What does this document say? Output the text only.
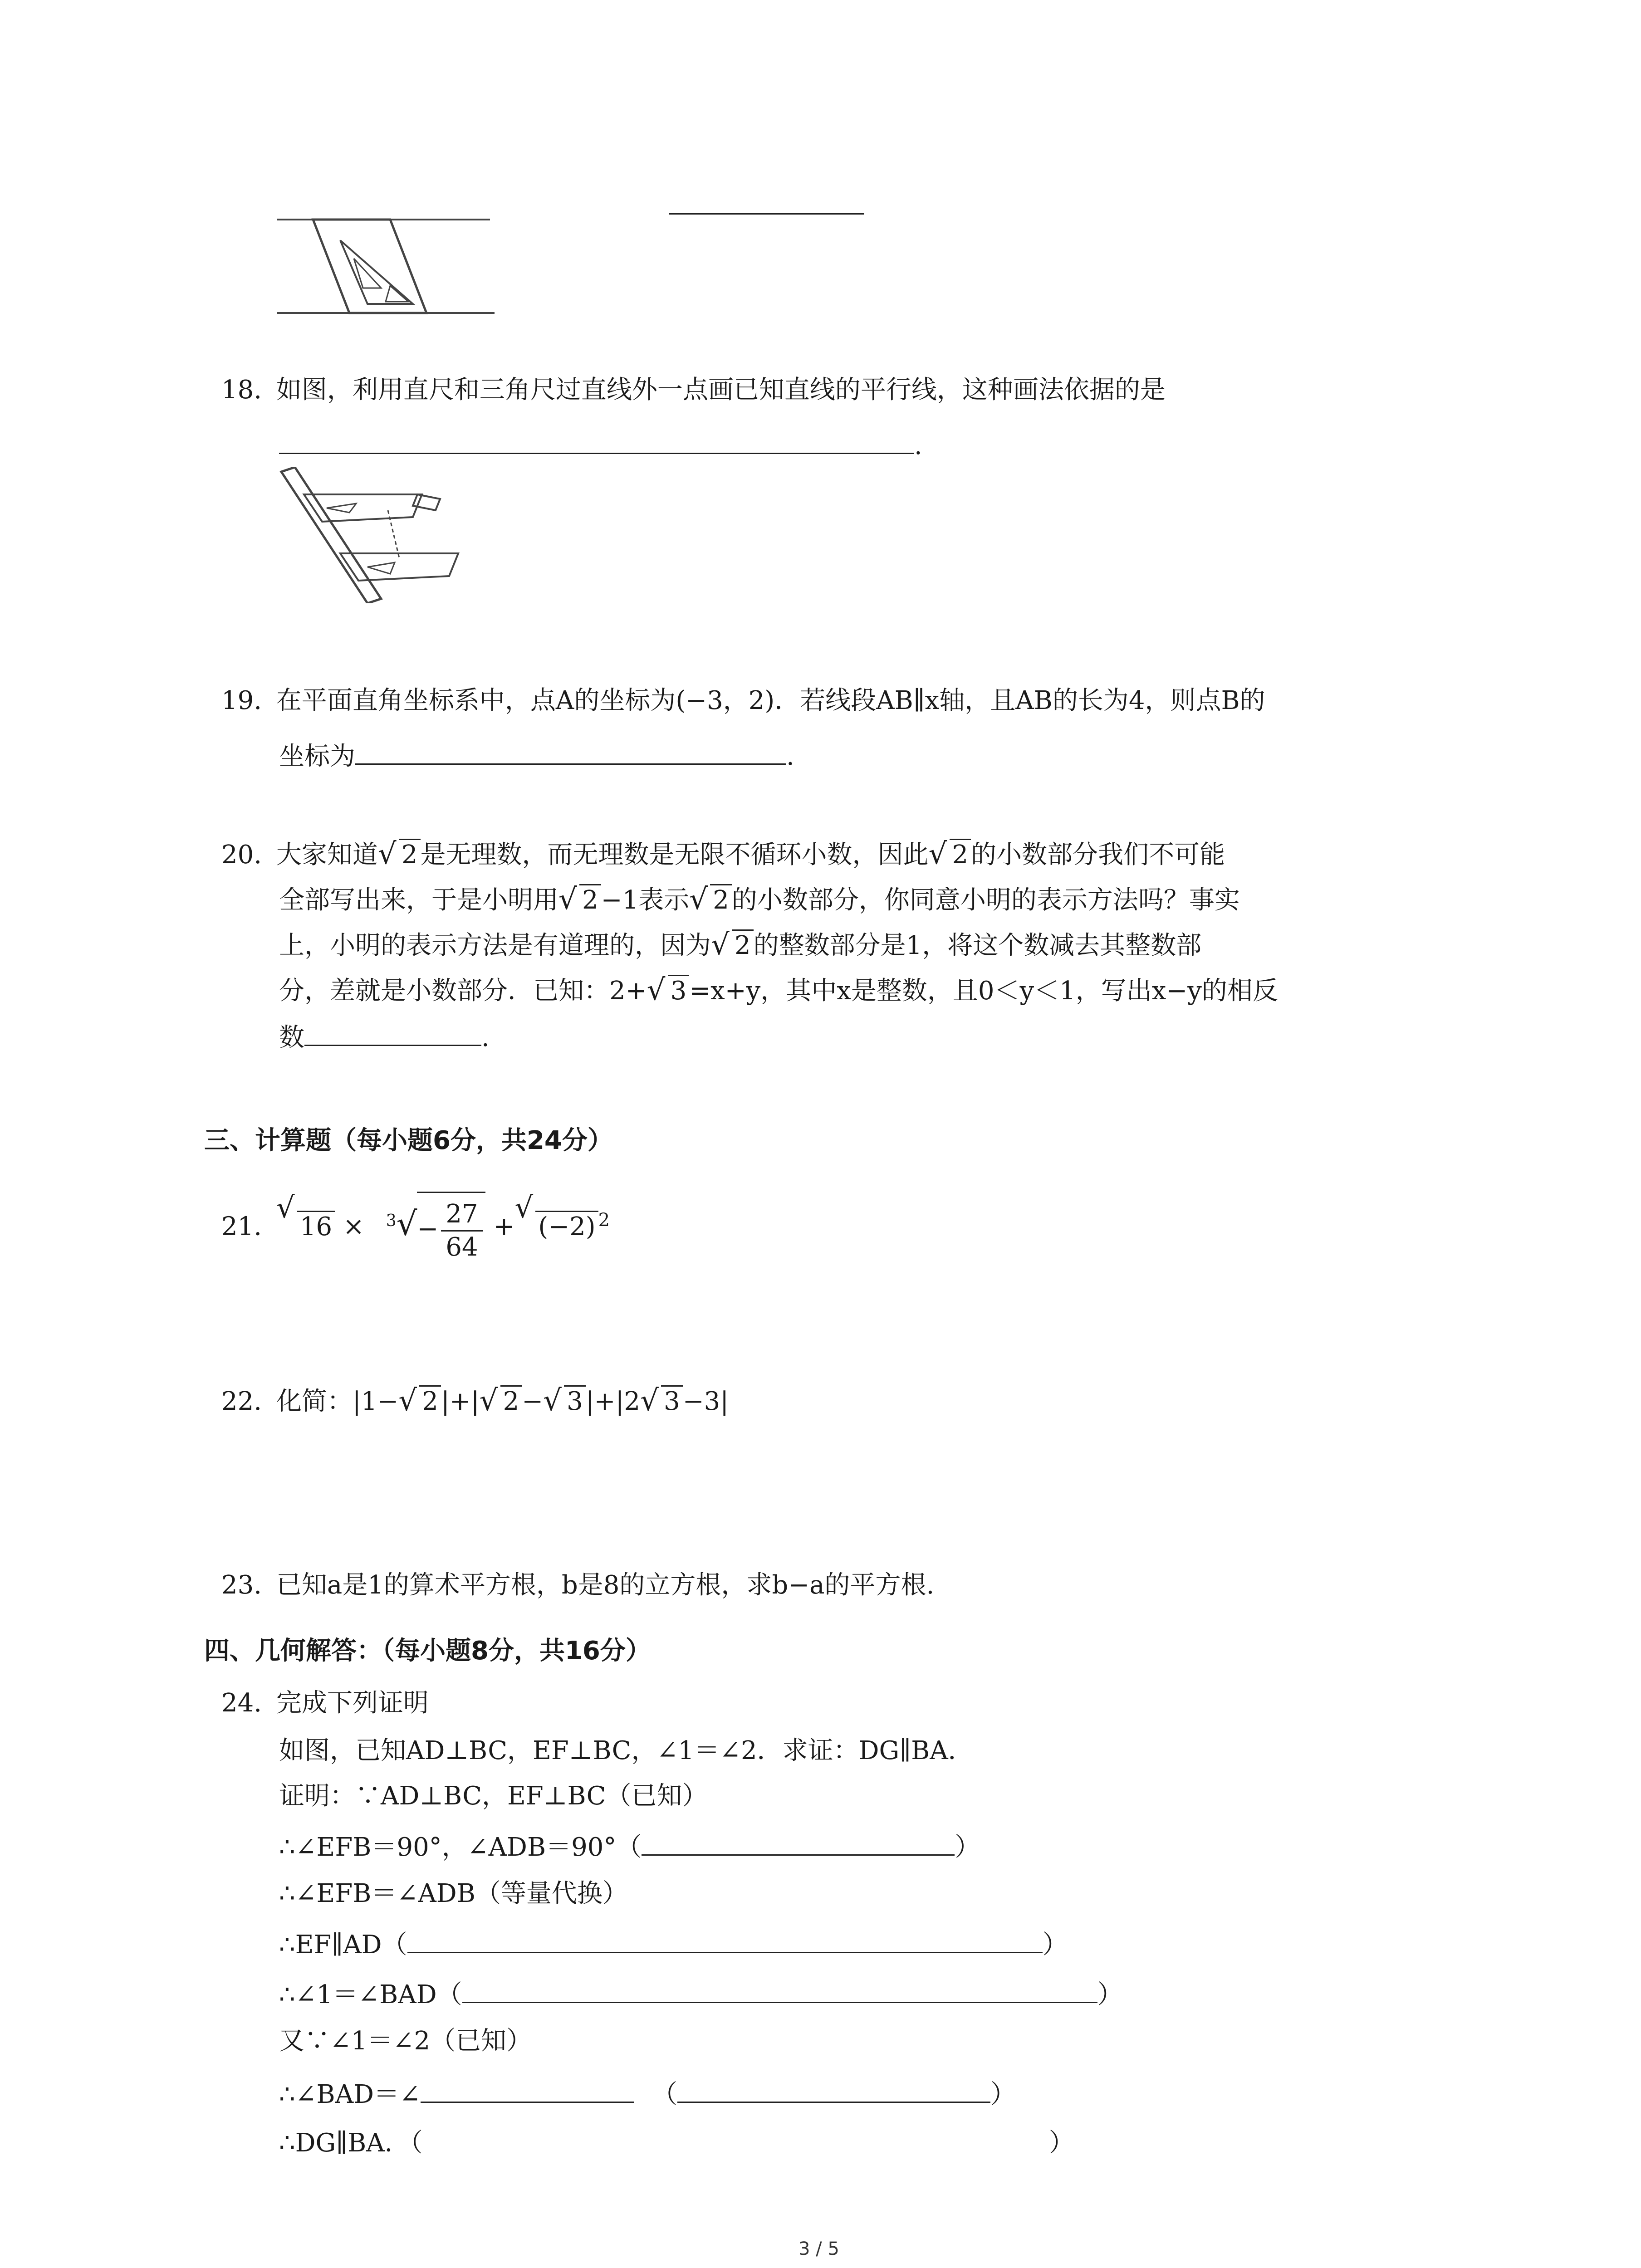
18. 如图，利用直尺和三角尺过直线外一点画已知直线的平行线，这种画法依据的是
.
19. 在平面直角坐标系中，点A的坐标为(−3，2)．若线段AB∥x轴，且AB的长为4，则点B的
坐标为	.
20. 大家知道 √ 2 是无理数，而无理数是无限不循环小数，因此 √ 2 的小数部分我们不可能
全部写出来，于是小明用 √ 2 −1表示 √ 2 的小数部分，你同意小明的表示方法吗？事实
上，小明的表示方法是有道理的，因为 √ 2 的整数部分是1，将这个数减去其整数部
分，差就是小数部分．已知：2+ √ 3 =x+y，其中x是整数，且0＜y＜1，写出x−y的相反
数	.
三、计算题（每小题6分，共24分）
21.
√
$16 \times ^3√- \frac{27}{64}$ +
√
(−2) $^2$
22. 化简：|1− √ 2 |+| √ 2 − √ 3 |+|2 √ 3 −3|
23. 已知a是1的算术平方根，b是8的立方根，求b−a的平方根.
四、几何解答：（每小题8分，共16分）
24. 完成下列证明
如图，已知AD⊥BC，EF⊥BC，∠1＝∠2．求证：DG∥BA．
证明：∵AD⊥BC，EF⊥BC（已知）
∴∠EFB＝90°，∠ADB＝90°（	）
∴∠EFB＝∠ADB（等量代换）
∴EF∥AD（	）
∴∠1＝∠BAD（	）
又∵∠1＝∠2（已知）
∴∠BAD＝∠	（	）
∴DG∥BA．（	）
3 / 5
